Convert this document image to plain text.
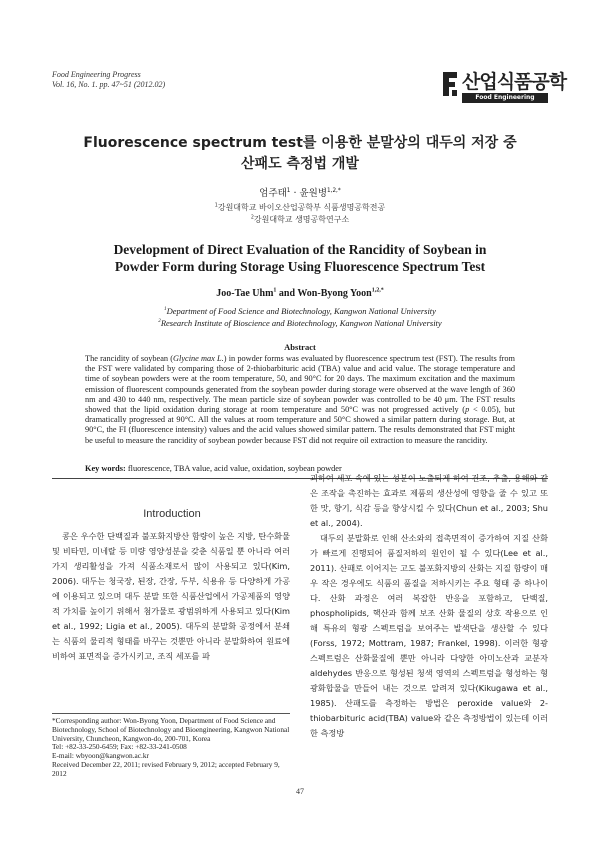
Food Engineering Progress
Vol. 16, No. 1. pp. 47~51 (2012.02)	산업식품공학
Food Engineering Progress
Fluorescence spectrum test를 이용한 분말상의 대두의 저장 중
산패도 측정법 개발
엄주태$^1$ · 윤원병$^{1,2,*}$
$^1$강원대학교 바이오산업공학부 식품생명공학전공
$^2$강원대학교 생명공학연구소
Development of Direct Evaluation of the Rancidity of Soybean in
Powder Form during Storage Using Fluorescence Spectrum Test
Joo-Tae Uhm$^1$ and Won-Byong Yoon$^{1,2,*}$
$^1$Department of Food Science and Biotechnology, Kangwon National University
$^2$Research Institute of Bioscience and Biotechnology, Kangwon National University
Abstract
The rancidity of soybean (Glycine max L.) in powder forms was evaluated by fluorescence spectrum test (FST). The results from the FST were validated by comparing those of 2-thiobarbituric acid (TBA) value and acid value. The storage temperature and time of soybean powders were at the room temperature, 50, and 90°C for 20 days. The maximum excitation and the maximum emission of fluorescent compounds generated from the soybean powder during storage were observed at the wave length of 360 nm and 430 to 440 nm, respectively. The mean particle size of soybean powder was controlled to be 40 μm. The FST results showed that the lipid oxidation during storage at room temperature and 50°C was not progressed actively (p < 0.05), but dramatically progressed at 90°C. All the values at room temperature and 50°C showed a similar pattern during storage. But, at 90°C, the FI (fluorescence intensity) values and the acid values showed similar pattern. The results demonstrated that FST might be useful to measure the rancidity of soybean powder because FST did not require oil extraction to measure the rancidity.
Key words: fluorescence, TBA value, acid value, oxidation, soybean powder
Introduction

콩은 우수한 단백질과 불포화지방산 함량이 높은 지방, 탄수화물 및 비타민, 미네랄 등 미량 영양성분을 갖춘 식품일 뿐 아니라 여러 가지 생리활성을 가져 식품소재로서 많이 사용되고 있다(Kim, 2006). 대두는 청국장, 된장, 간장, 두부, 식용유 등 다양하게 가공에 이용되고 있으며 대두 분말 또한 식품산업에서 가공제품의 영양적 가치를 높이기 위해서 첨가물로 광범위하게 사용되고 있다(Kim et al., 1992; Ligia et al., 2005). 대두의 분말화 공정에서 분쇄는 식품의 물리적 형태를 바꾸는 것뿐만 아니라 분말화하여 원료에 비하여 표면적을 증가시키고, 조직 세포를 파

괴하여 세포 속에 있는 성분이 노출되게 하여 건조, 추출, 용해와 같은 조작을 촉진하는 효과로 제품의 생산성에 영향을 줄 수 있고 또한 맛, 향기, 식감 등을 향상시킬 수 있다(Chun et al., 2003; Shu et al., 2004).

대두의 분말화로 인해 산소와의 접촉면적이 증가하여 지질 산화가 빠르게 진행되어 품질저하의 원인이 될 수 있다(Lee et al., 2011). 산패로 이어지는 고도 불포화지방의 산화는 지질 함량이 매우 작은 경우에도 식품의 품질을 저하시키는 주요 형태 중 하나이다. 산화 과정은 여러 복잡한 반응을 포함하고, 단백질, phospholipids, 핵산과 함께 보조 산화 물질의 상호 작용으로 인해 특유의 형광 스펙트럼을 보여주는 발색단을 생산할 수 있다(Forss, 1972; Mottram, 1987; Frankel, 1998). 이러한 형광 스펙트럼은 산화물질에 뿐만 아니라 다양한 아미노산과 교분자 aldehydes 반응으로 형성된 청색 영역의 스펙트럼을 형성하는 형광화합물을 만들어 내는 것으로 알려져 있다(Kikugawa et al., 1985). 산패도를 측정하는 방법은 peroxide value와 2-thiobarbituric acid(TBA) value와 같은 측정방법이 있는데 이러한 측정방

*Corresponding author: Won-Byong Yoon, Department of Food Science and Biotechnology, School of Biotechnology and Bioengineering, Kangwon National University, Chuncheon, Kangwon-do, 200-701, Korea
Tel: +82-33-250-6459; Fax: +82-33-241-0508
E-mail: wbyoon@kangwon.ac.kr
Received December 22, 2011; revised February 9, 2012; accepted February 9, 2012
47
